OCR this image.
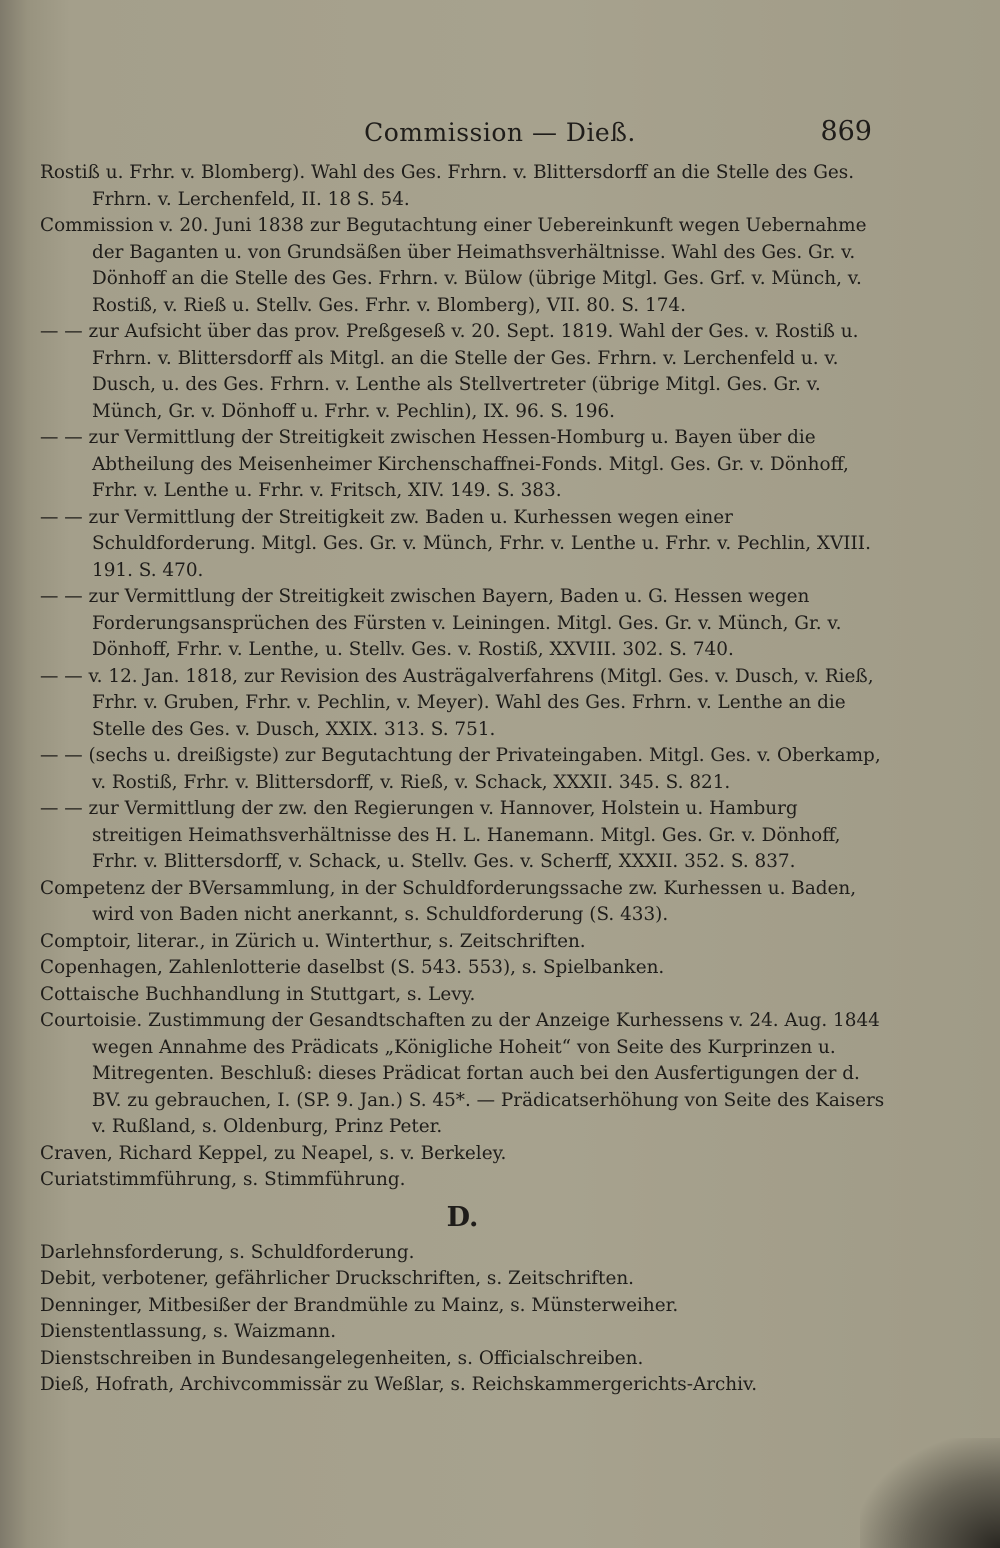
Commission — Dieß.	869

Rostiß u. Frhr. v. Blomberg). Wahl des Ges. Frhrn. v. Blittersdorff an die Stelle des Ges. Frhrn. v. Lerchenfeld, II. 18 S. 54.

Commission v. 20. Juni 1838 zur Begutachtung einer Uebereinkunft wegen Uebernahme der Baganten u. von Grundsäßen über Heimathsverhältnisse. Wahl des Ges. Gr. v. Dönhoff an die Stelle des Ges. Frhrn. v. Bülow (übrige Mitgl. Ges. Grf. v. Münch, v. Rostiß, v. Rieß u. Stellv. Ges. Frhr. v. Blomberg), VII. 80. S. 174.

— — zur Aufsicht über das prov. Preßgeseß v. 20. Sept. 1819. Wahl der Ges. v. Rostiß u. Frhrn. v. Blittersdorff als Mitgl. an die Stelle der Ges. Frhrn. v. Lerchenfeld u. v. Dusch, u. des Ges. Frhrn. v. Lenthe als Stellvertreter (übrige Mitgl. Ges. Gr. v. Münch, Gr. v. Dönhoff u. Frhr. v. Pechlin), IX. 96. S. 196.

— — zur Vermittlung der Streitigkeit zwischen Hessen-Homburg u. Bayen über die Abtheilung des Meisenheimer Kirchenschaffnei-Fonds. Mitgl. Ges. Gr. v. Dönhoff, Frhr. v. Lenthe u. Frhr. v. Fritsch, XIV. 149. S. 383.

— — zur Vermittlung der Streitigkeit zw. Baden u. Kurhessen wegen einer Schuldforderung. Mitgl. Ges. Gr. v. Münch, Frhr. v. Lenthe u. Frhr. v. Pechlin, XVIII. 191. S. 470.

— — zur Vermittlung der Streitigkeit zwischen Bayern, Baden u. G. Hessen wegen Forderungsansprüchen des Fürsten v. Leiningen. Mitgl. Ges. Gr. v. Münch, Gr. v. Dönhoff, Frhr. v. Lenthe, u. Stellv. Ges. v. Rostiß, XXVIII. 302. S. 740.

— — v. 12. Jan. 1818, zur Revision des Austrägalverfahrens (Mitgl. Ges. v. Dusch, v. Rieß, Frhr. v. Gruben, Frhr. v. Pechlin, v. Meyer). Wahl des Ges. Frhrn. v. Lenthe an die Stelle des Ges. v. Dusch, XXIX. 313. S. 751.

— — (sechs u. dreißigste) zur Begutachtung der Privateingaben. Mitgl. Ges. v. Oberkamp, v. Rostiß, Frhr. v. Blittersdorff, v. Rieß, v. Schack, XXXII. 345. S. 821.

— — zur Vermittlung der zw. den Regierungen v. Hannover, Holstein u. Hamburg streitigen Heimathsverhältnisse des H. L. Hanemann. Mitgl. Ges. Gr. v. Dönhoff, Frhr. v. Blittersdorff, v. Schack, u. Stellv. Ges. v. Scherff, XXXII. 352. S. 837.

Competenz der BVersammlung, in der Schuldforderungssache zw. Kurhessen u. Baden, wird von Baden nicht anerkannt, s. Schuldforderung (S. 433).

Comptoir, literar., in Zürich u. Winterthur, s. Zeitschriften.

Copenhagen, Zahlenlotterie daselbst (S. 543. 553), s. Spielbanken.

Cottaische Buchhandlung in Stuttgart, s. Levy.

Courtoisie. Zustimmung der Gesandtschaften zu der Anzeige Kurhessens v. 24. Aug. 1844 wegen Annahme des Prädicats „Königliche Hoheit“ von Seite des Kurprinzen u. Mitregenten. Beschluß: dieses Prädicat fortan auch bei den Ausfertigungen der d. BV. zu gebrauchen, I. (SP. 9. Jan.) S. 45*. — Prädicatserhöhung von Seite des Kaisers v. Rußland, s. Oldenburg, Prinz Peter.

Craven, Richard Keppel, zu Neapel, s. v. Berkeley.

Curiatstimmführung, s. Stimmführung.

D.

Darlehnsforderung, s. Schuldforderung.

Debit, verbotener, gefährlicher Druckschriften, s. Zeitschriften.

Denninger, Mitbesißer der Brandmühle zu Mainz, s. Münsterweiher.

Dienstentlassung, s. Waizmann.

Dienstschreiben in Bundesangelegenheiten, s. Officialschreiben.

Dieß, Hofrath, Archivcommissär zu Weßlar, s. Reichskammergerichts-Archiv.
